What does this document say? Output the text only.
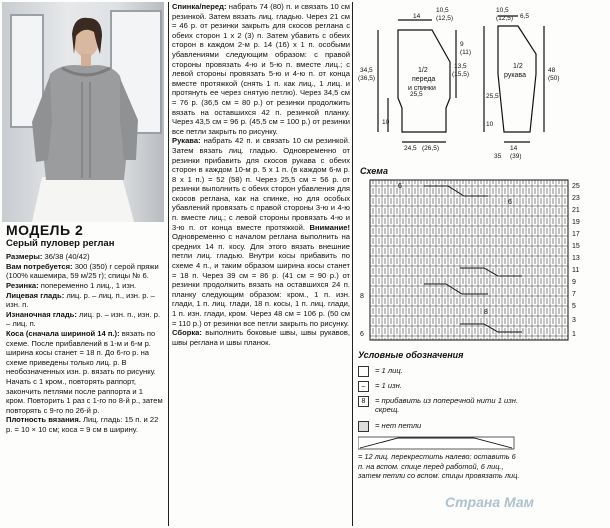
МОДЕЛЬ 2
Серый пуловер реглан

Размеры: 36/38 (40/42)

Вам потребуется: 300 (350) г серой пряжи (100% кашемира, 59 м/25 г); спицы № 6.

Резинка: попеременно 1 лиц., 1 изн.

Лицевая гладь: лиц. р. – лиц. п., изн. р. – изн. п.

Изнаночная гладь: лиц. р. – изн. п., изн. р. – лиц. п.

Коса (сначала шириной 14 п.): вязать по схеме. После прибавлений в 1-м и 6-м р. ширина косы станет = 18 п. До 6-го р. на схеме приведены только лиц. р. В необозначенных изн. р. вязать по рисунку. Начать с 1 кром., повторять раппорт, закончить петлями после раппорта и 1 кром. Повторить 1 раз с 1-го по 8-й р., затем повторять с 9-го по 26-й р.

Плотность вязания. Лиц. гладь: 15 п. и 22 р. = 10 × 10 см; коса = 9 см в ширину.

Спинка/перед: набрать 74 (80) п. и связать 10 см резинкой. Затем вязать лиц. гладью. Через 21 см = 46 р. от резинки закрыть для скосов реглана с обеих сторон 1 х 2 (3) п. Затем убавить с обеих сторон в каждом 2-м р. 14 (16) х 1 п. особыми убавлениями следующим образом: с правой стороны провязать 4-ю и 5-ю п. вместе лиц.; с левой стороны провязать 5-ю и 4-ю п. от конца вместе протяжкой (снять 1 п. как лиц., 1 лиц. и протянуть ее через снятую петлю). Через 34,5 см = 76 р. (36,5 см = 80 р.) от резинки продолжить вязать на оставшихся 42 п. резинкой планку. Через 43,5 см = 96 р. (45,5 см = 100 р.) от резинки все петли закрыть по рисунку.

Рукава: набрать 42 п. и связать 10 см резинкой. Затем вязать лиц. гладью. Одновременно от резинки прибавить для скосов рукава с обеих сторон в каждом 10-м р. 5 х 1 п. (в каждом 6-м р. 8 х 1 п.) = 52 (58) п. Через 25,5 см = 56 р. от резинки выполнить с обеих сторон убавления для скосов реглана, как на спинке, но для особых убавлений провязать с правой стороны 3-ю и 4-ю п. вместе лиц.; с левой стороны провязать 4-ю и 3-ю п. от конца вместе протяжкой. Внимание! Одновременно с началом реглана выполнить на средних 14 п. косу. Для этого вязать внешние петли лиц. гладью. Внутри косы прибавить по схеме 4 п., и таким образом ширина косы станет = 18 п. Через 39 см = 86 р. (41 см = 90 р.) от резинки продолжить вязать на оставшихся 24 п. планку следующим образом: кром., 1 п. изн. глади, 1 п. лиц. глади, 18 п. косы, 1 п. лиц. глади, 1 п. изн. глади, кром. Через 48 см = 106 р. (50 см = 110 р.) от резинки все петли закрыть по рисунку.

Сборка: выполнить боковые швы, швы рукавов, швы реглана и швы планок.

14
10,5
(12,5)
9
(11)
13,5
(15,5)
34,5
(36,5)
25,5
10
24,5 (26,5)
1/2
переда
и спинки
10,5
(12,5) 6,5
48
(50)
25,5
10
14
35 (39)
1/2
рукава
Схема
6
6
8
8
6
25
23
21
19
17
15
13
11
9
7
5
3
1
Условные обозначения
= 1 лиц.
–	= 1 изн.
8	= прибавить из поперечной нити 1 изн. скрещ.
= нет петли
= 12 лиц. перекрестить налево: оставить 6 п. на вспом. спице перед работой, 6 лиц., затем петли со вспом. спицы провязать лиц.
Страна Мам
